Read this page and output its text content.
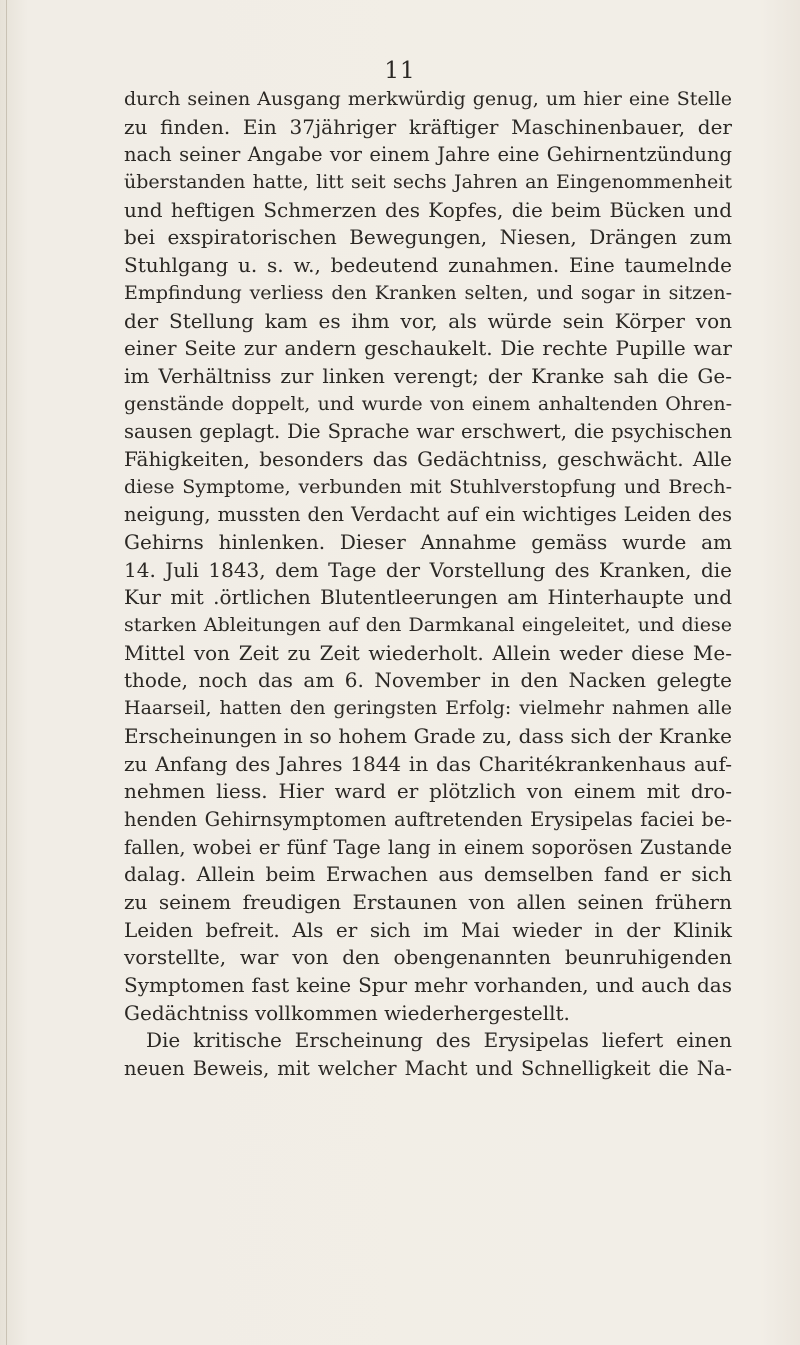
11
durch seinen Ausgang merkwürdig genug, um hier eine Stelle
zu finden. Ein 37jähriger kräftiger Maschinenbauer, der
nach seiner Angabe vor einem Jahre eine Gehirnentzündung
überstanden hatte, litt seit sechs Jahren an Eingenommenheit
und heftigen Schmerzen des Kopfes, die beim Bücken und
bei exspiratorischen Bewegungen, Niesen, Drängen zum
Stuhlgang u. s. w., bedeutend zunahmen. Eine taumelnde
Empfindung verliess den Kranken selten, und sogar in sitzen-
der Stellung kam es ihm vor, als würde sein Körper von
einer Seite zur andern geschaukelt. Die rechte Pupille war
im Verhältniss zur linken verengt; der Kranke sah die Ge-
genstände doppelt, und wurde von einem anhaltenden Ohren-
sausen geplagt. Die Sprache war erschwert, die psychischen
Fähigkeiten, besonders das Gedächtniss, geschwächt. Alle
diese Symptome, verbunden mit Stuhlverstopfung und Brech-
neigung, mussten den Verdacht auf ein wichtiges Leiden des
Gehirns hinlenken. Dieser Annahme gemäss wurde am
14. Juli 1843, dem Tage der Vorstellung des Kranken, die
Kur mit .örtlichen Blutentleerungen am Hinterhaupte und
starken Ableitungen auf den Darmkanal eingeleitet, und diese
Mittel von Zeit zu Zeit wiederholt. Allein weder diese Me-
thode, noch das am 6. November in den Nacken gelegte
Haarseil, hatten den geringsten Erfolg: vielmehr nahmen alle
Erscheinungen in so hohem Grade zu, dass sich der Kranke
zu Anfang des Jahres 1844 in das Charitékrankenhaus auf-
nehmen liess. Hier ward er plötzlich von einem mit dro-
henden Gehirnsymptomen auftretenden Erysipelas faciei be-
fallen, wobei er fünf Tage lang in einem soporösen Zustande
dalag. Allein beim Erwachen aus demselben fand er sich
zu seinem freudigen Erstaunen von allen seinen frühern
Leiden befreit. Als er sich im Mai wieder in der Klinik
vorstellte, war von den obengenannten beunruhigenden
Symptomen fast keine Spur mehr vorhanden, und auch das
Gedächtniss vollkommen wiederhergestellt.
Die kritische Erscheinung des Erysipelas liefert einen
neuen Beweis, mit welcher Macht und Schnelligkeit die Na-
